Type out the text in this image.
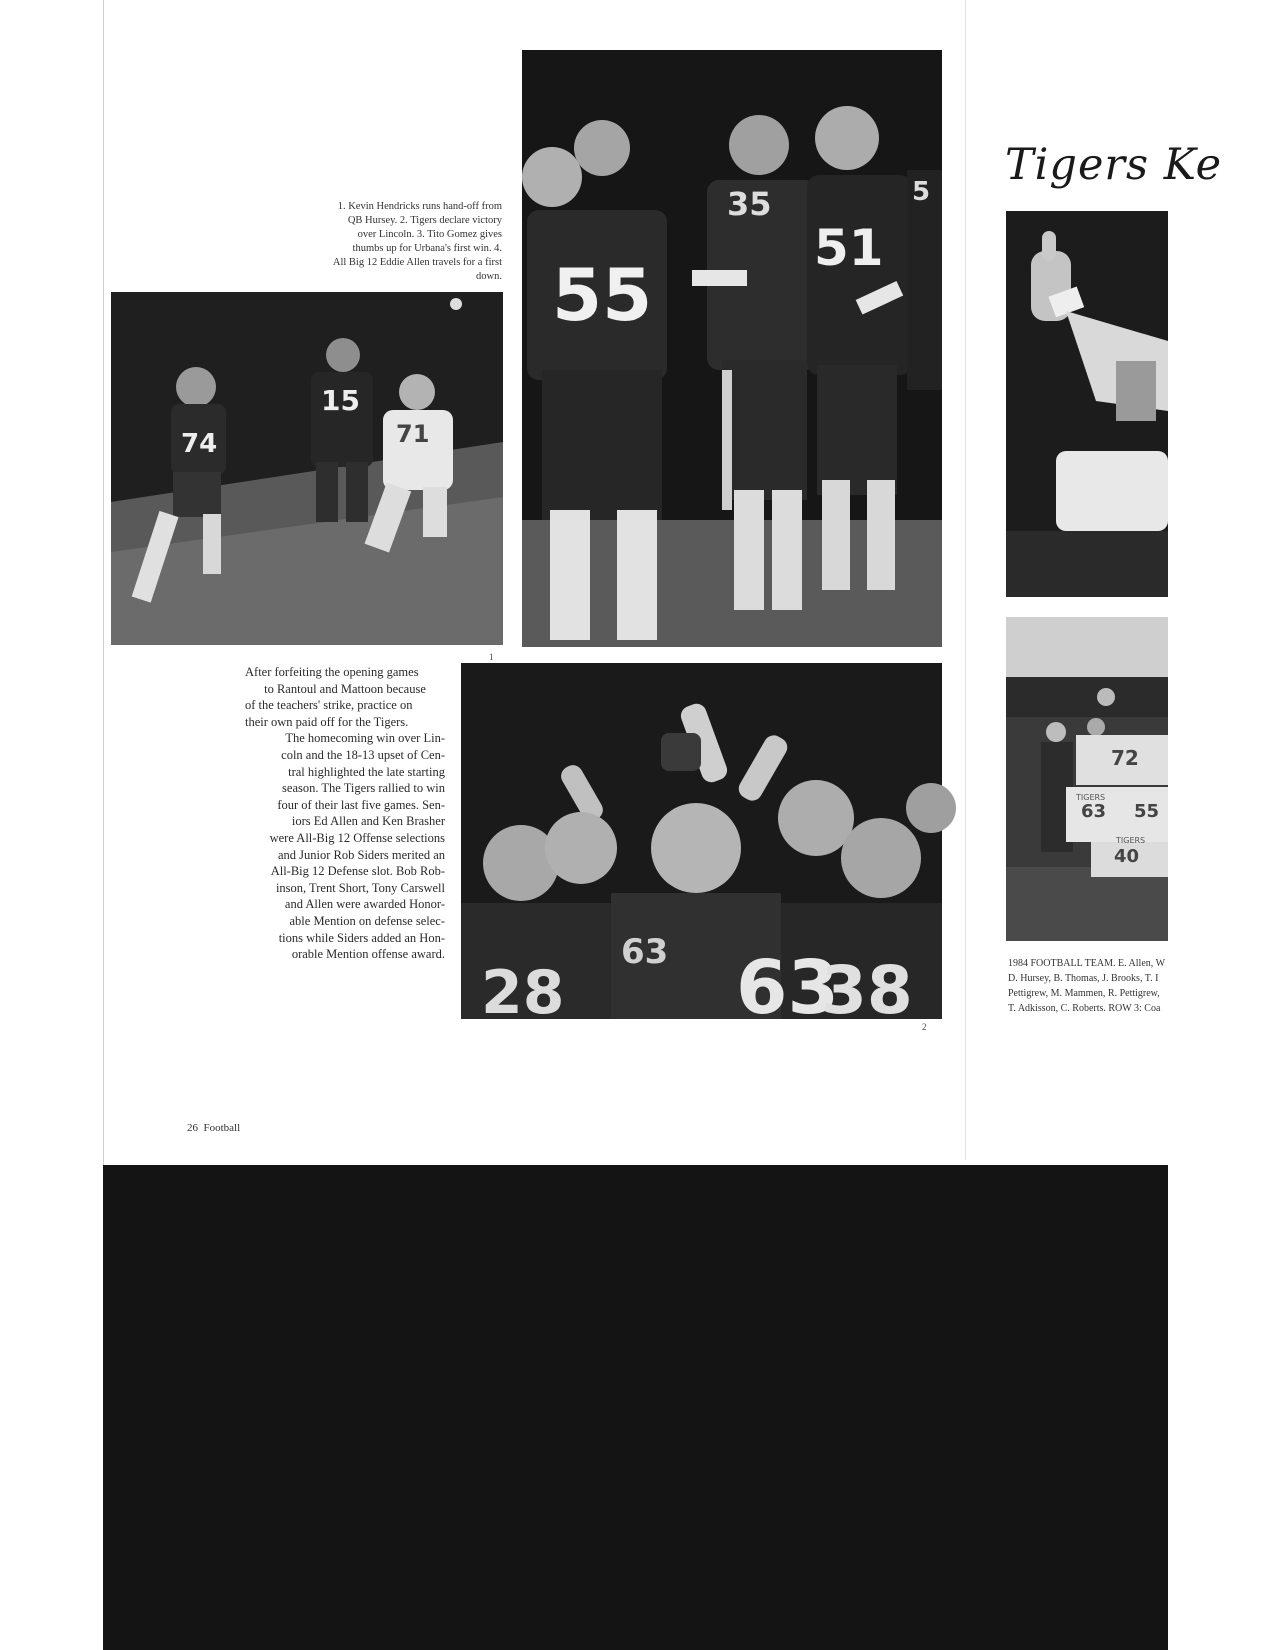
1. Kevin Hendricks runs hand-off from
QB Hursey. 2. Tigers declare victory
over Lincoln. 3. Tito Gomez gives
thumbs up for Urbana's first win. 4.
All Big 12 Eddie Allen travels for a first
down.
74
15
71
1
55
35
51
5
After forfeiting the opening games
to Rantoul and Mattoon because
of the teachers' strike, practice on
their own paid off for the Tigers.
The homecoming win over Lin-
coln and the 18-13 upset of Cen-
tral highlighted the late starting
season. The Tigers rallied to win
four of their last five games. Sen-
iors Ed Allen and Ken Brasher
were All-Big 12 Offense selections
and Junior Rob Siders merited an
All-Big 12 Defense slot. Bob Rob-
inson, Trent Short, Tony Carswell
and Allen were awarded Honor-
able Mention on defense selec-
tions while Siders added an Hon-
orable Mention offense award.
28
63 63
38 2
Tigers Ke
72
63 55
40
TIGERS
TIGERS
1984 FOOTBALL TEAM. E. Allen, W
D. Hursey, B. Thomas, J. Brooks, T. I
Pettigrew, M. Mammen, R. Pettigrew,
T. Adkisson, C. Roberts. ROW 3: Coa
26  Football
